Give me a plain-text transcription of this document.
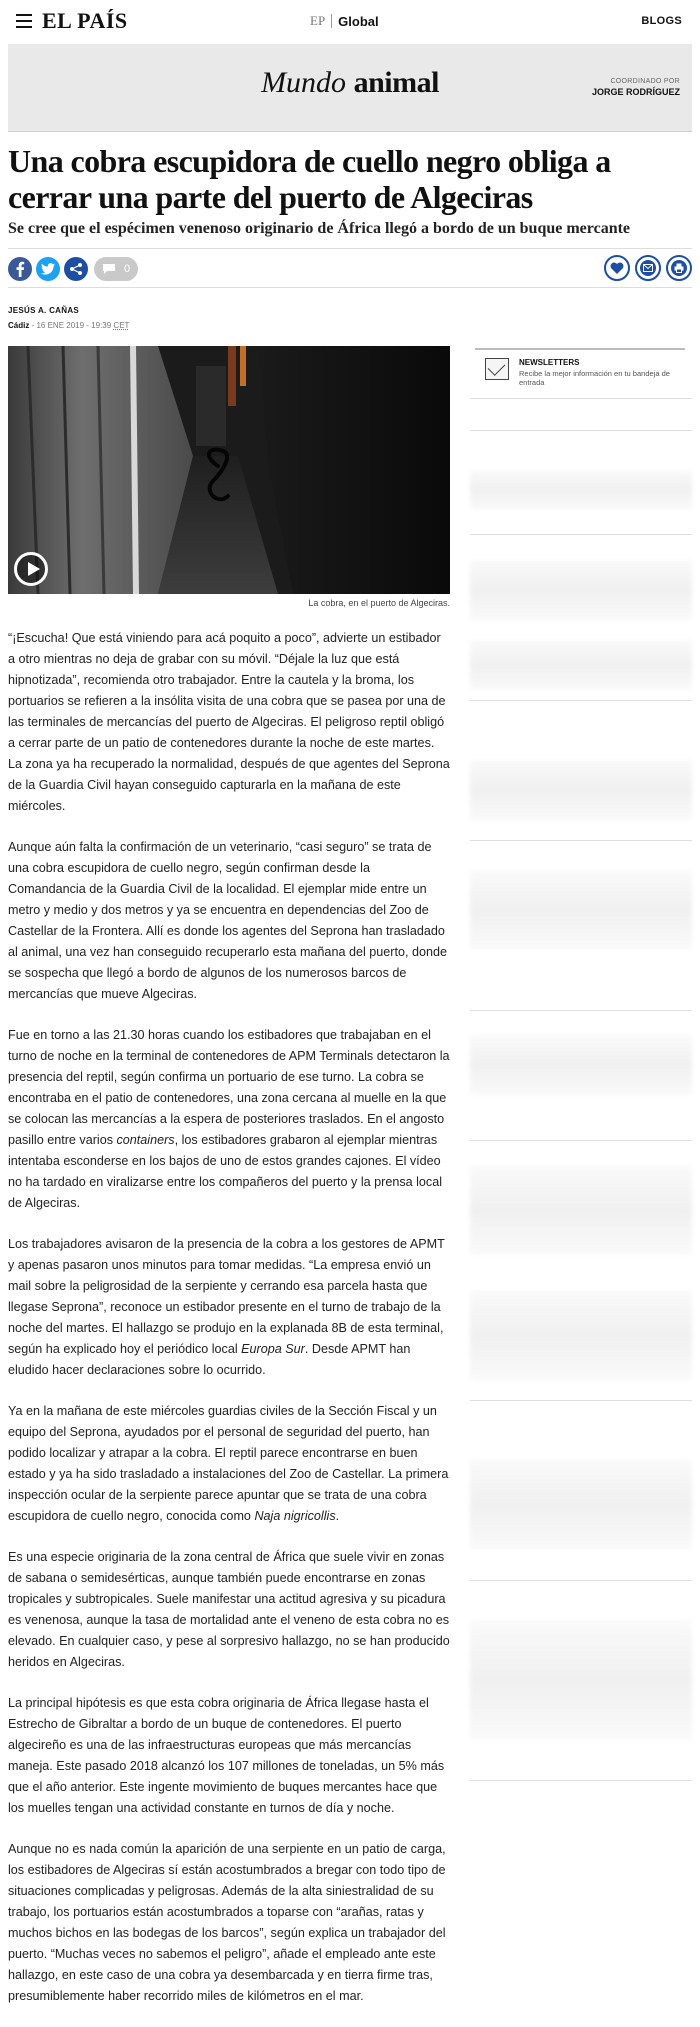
EL PAÍS	EP Global	BLOGS
Mundo animal	COORDINADO POR
JORGE RODRÍGUEZ
Una cobra escupidora de cuello negro obliga a cerrar una parte del puerto de Algeciras
Se cree que el espécimen venenoso originario de África llegó a bordo de un buque mercante
0
JESÚS A. CAÑAS
Cádiz - 16 ENE 2019 - 19:39 CET
La cobra, en el puerto de Algeciras.

“¡Escucha! Que está viniendo para acá poquito a poco”, advierte un estibador a otro mientras no deja de grabar con su móvil. “Déjale la luz que está hipnotizada”, recomienda otro trabajador. Entre la cautela y la broma, los portuarios se refieren a la insólita visita de una cobra que se pasea por una de las terminales de mercancías del puerto de Algeciras. El peligroso reptil obligó a cerrar parte de un patio de contenedores durante la noche de este martes. La zona ya ha recuperado la normalidad, después de que agentes del Seprona de la Guardia Civil hayan conseguido capturarla en la mañana de este miércoles.

Aunque aún falta la confirmación de un veterinario, “casi seguro” se trata de una cobra escupidora de cuello negro, según confirman desde la Comandancia de la Guardia Civil de la localidad. El ejemplar mide entre un metro y medio y dos metros y ya se encuentra en dependencias del Zoo de Castellar de la Frontera. Allí es donde los agentes del Seprona han trasladado al animal, una vez han conseguido recuperarlo esta mañana del puerto, donde se sospecha que llegó a bordo de algunos de los numerosos barcos de mercancías que mueve Algeciras.

Fue en torno a las 21.30 horas cuando los estibadores que trabajaban en el turno de noche en la terminal de contenedores de APM Terminals detectaron la presencia del reptil, según confirma un portuario de ese turno. La cobra se encontraba en el patio de contenedores, una zona cercana al muelle en la que se colocan las mercancías a la espera de posteriores traslados. En el angosto pasillo entre varios containers, los estibadores grabaron al ejemplar mientras intentaba esconderse en los bajos de uno de estos grandes cajones. El vídeo no ha tardado en viralizarse entre los compañeros del puerto y la prensa local de Algeciras.

Los trabajadores avisaron de la presencia de la cobra a los gestores de APMT y apenas pasaron unos minutos para tomar medidas. “La empresa envió un mail sobre la peligrosidad de la serpiente y cerrando esa parcela hasta que llegase Seprona”, reconoce un estibador presente en el turno de trabajo de la noche del martes. El hallazgo se produjo en la explanada 8B de esta terminal, según ha explicado hoy el periódico local Europa Sur. Desde APMT han eludido hacer declaraciones sobre lo ocurrido.

Ya en la mañana de este miércoles guardias civiles de la Sección Fiscal y un equipo del Seprona, ayudados por el personal de seguridad del puerto, han podido localizar y atrapar a la cobra. El reptil parece encontrarse en buen estado y ya ha sido trasladado a instalaciones del Zoo de Castellar. La primera inspección ocular de la serpiente parece apuntar que se trata de una cobra escupidora de cuello negro, conocida como Naja nigricollis.

Es una especie originaria de la zona central de África que suele vivir en zonas de sabana o semidesérticas, aunque también puede encontrarse en zonas tropicales y subtropicales. Suele manifestar una actitud agresiva y su picadura es venenosa, aunque la tasa de mortalidad ante el veneno de esta cobra no es elevado. En cualquier caso, y pese al sorpresivo hallazgo, no se han producido heridos en Algeciras.

La principal hipótesis es que esta cobra originaria de África llegase hasta el Estrecho de Gibraltar a bordo de un buque de contenedores. El puerto algecireño es una de las infraestructuras europeas que más mercancías maneja. Este pasado 2018 alcanzó los 107 millones de toneladas, un 5% más que el año anterior. Este ingente movimiento de buques mercantes hace que los muelles tengan una actividad constante en turnos de día y noche.

Aunque no es nada común la aparición de una serpiente en un patio de carga, los estibadores de Algeciras sí están acostumbrados a bregar con todo tipo de situaciones complicadas y peligrosas. Además de la alta siniestralidad de su trabajo, los portuarios están acostumbrados a toparse con “arañas, ratas y muchos bichos en las bodegas de los barcos”, según explica un trabajador del puerto. “Muchas veces no sabemos el peligro”, añade el empleado ante este hallazgo, en este caso de una cobra ya desembarcada y en tierra firme tras, presumiblemente haber recorrido miles de kilómetros en el mar.

NEWSLETTERS
Recibe la mejor información en tu bandeja de entrada
